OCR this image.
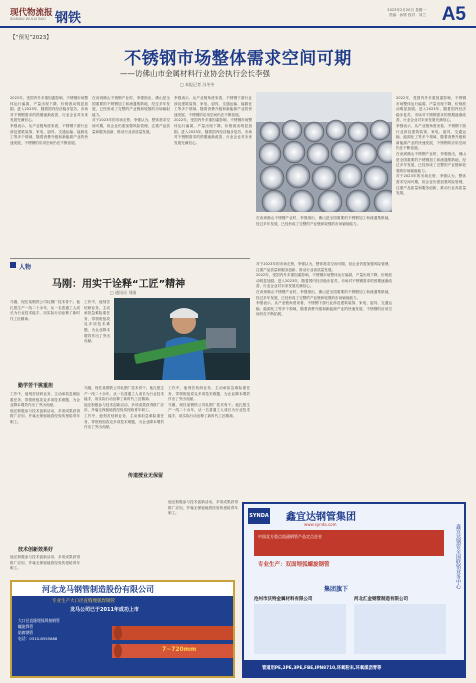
现代物流报
XIANDAI WULIU BAO 钢铁
2023年2月20日 星期一
责编：孙婷 校对：刘兰 A5
【“预见”2023】
不锈钢市场整体需求空间可期
——访佛山市金属材料行业协会执行会长李强
□ 本报记者 冯冬冬

2022年，受国内外多重因素影响，不锈钢市场整体运行偏弱，产量出现下降，价格波动明显加剧。进入2023年，随着国内经济稳步复苏，市场对不锈钢需求的预期逐渐改善，行业企业对未来发展充满信心。

李强表示，从产业链角度来看，不锈钢下游行业涉及建筑装饰、家电、厨具、交通运输、能源化工等多个领域，随着消费升级和新能源产业的快速发展，不锈钢的应用空间仍在不断拓展。

在谈到佛山不锈钢产业时，李强指出，佛山是全国重要的不锈钢加工和流通集散地，经过多年发展，已经形成了完整的产业链和较强的市场辐射能力。

对于2023年的市场走势，李强认为，整体需求空间可期，但企业仍需加强风险管理，注重产品质量和服务创新，推动行业高质量发展。

李强表示，从产业链角度来看，不锈钢下游行业涉及建筑装饰、家电、厨具、交通运输、能源化工等多个领域，随着消费升级和新能源产业的快速发展，不锈钢的应用空间仍在不断拓展。

2022年，受国内外多重因素影响，不锈钢市场整体运行偏弱，产量出现下降，价格波动明显加剧。进入2023年，随着国内经济稳步复苏，市场对不锈钢需求的预期逐渐改善，行业企业对未来发展充满信心。

在谈到佛山不锈钢产业时，李强指出，佛山是全国重要的不锈钢加工和流通集散地，经过多年发展，已经形成了完整的产业链和较强的市场辐射能力。

2022年，受国内外多重因素影响，不锈钢市场整体运行偏弱，产量出现下降，价格波动明显加剧。进入2023年，随着国内经济稳步复苏，市场对不锈钢需求的预期逐渐改善，行业企业对未来发展充满信心。

李强表示，从产业链角度来看，不锈钢下游行业涉及建筑装饰、家电、厨具、交通运输、能源化工等多个领域，随着消费升级和新能源产业的快速发展，不锈钢的应用空间仍在不断拓展。

在谈到佛山不锈钢产业时，李强指出，佛山是全国重要的不锈钢加工和流通集散地，经过多年发展，已经形成了完整的产业链和较强的市场辐射能力。

对于2023年的市场走势，李强认为，整体需求空间可期，但企业仍需加强风险管理，注重产品质量和服务创新，推动行业高质量发展。

对于2023年的市场走势，李强认为，整体需求空间可期，但企业仍需加强风险管理，注重产品质量和服务创新，推动行业高质量发展。

2022年，受国内外多重因素影响，不锈钢市场整体运行偏弱，产量出现下降，价格波动明显加剧。进入2023年，随着国内经济稳步复苏，市场对不锈钢需求的预期逐渐改善，行业企业对未来发展充满信心。

在谈到佛山不锈钢产业时，李强指出，佛山是全国重要的不锈钢加工和流通集散地，经过多年发展，已经形成了完整的产业链和较强的市场辐射能力。

李强表示，从产业链角度来看，不锈钢下游行业涉及建筑装饰、家电、厨具、交通运输、能源化工等多个领域，随着消费升级和新能源产业的快速发展，不锈钢的应用空间仍在不断拓展。

人物
马刚：用实干诠释“工匠”精神
□ 通讯员 刘丽

马刚，现任某钢铁公司轧钢厂技术骨干。他扎根生产一线二十余年，从一名普通工人成长为行业技术能手，用实际行动诠释了新时代工匠精神。

勤学苦干挑重担

工作中，他刻苦钻研业务，主动承担急难险重任务，带领班组攻克多项技术难题，为企业降本增效作出了突出贡献。

他还积极参与技术创新活动，多项成果获得推广应用，并毫无保留地将经验传授给青年职工。

技术创新效果好

他还积极参与技术创新活动，多项成果获得推广应用，并毫无保留地将经验传授给青年职工。

工作中，他刻苦钻研业务，主动承担急难险重任务，带领班组攻克多项技术难题，为企业降本增效作出了突出贡献。

传道授业无保留

马刚，现任某钢铁公司轧钢厂技术骨干。他扎根生产一线二十余年，从一名普通工人成长为行业技术能手，用实际行动诠释了新时代工匠精神。

他还积极参与技术创新活动，多项成果获得推广应用，并毫无保留地将经验传授给青年职工。

工作中，他刻苦钻研业务，主动承担急难险重任务，带领班组攻克多项技术难题，为企业降本增效作出了突出贡献。

工作中，他刻苦钻研业务，主动承担急难险重任务，带领班组攻克多项技术难题，为企业降本增效作出了突出贡献。

马刚，现任某钢铁公司轧钢厂技术骨干。他扎根生产一线二十余年，从一名普通工人成长为行业技术能手，用实际行动诠释了新时代工匠精神。

他还积极参与技术创新活动，多项成果获得推广应用，并毫无保留地将经验传授给青年职工。

河北龙马钢管制造股份有限公司
专业生产大口径直缝埋弧焊钢管
龙马公司已于2011年成功上市
大口径直缝埋弧焊接钢管
螺旋焊管
防腐钢管
电话：0310-8555888
7~720mm
SYNDA 鑫宜达钢管集团
www.synda.com
中国北方重点流通钢管产品定点企业
专业生产：双面埋弧螺旋钢管
集团旗下
沧州市沃特金属材料有限公司	河北汇金钢管制造有限公司
鑫宜达钢管全国联销业务中心
管道用PE,2PE,3PE,FBE,IPN8710,环氧粉末,环氧煤沥青等
